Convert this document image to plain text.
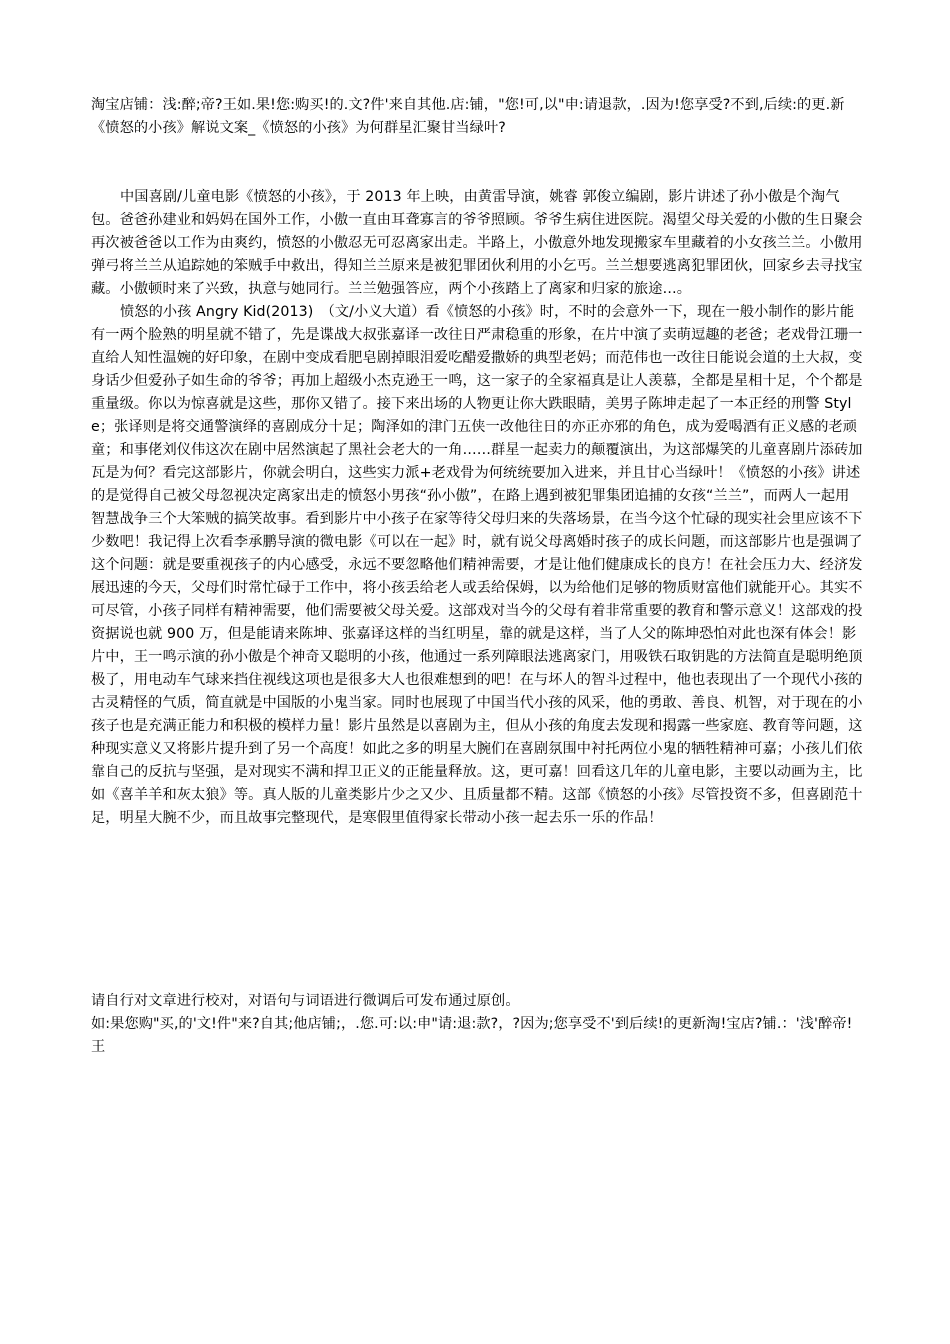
淘宝店铺：浅:醉;帝?王如.果!您:购买!的.文?件'来自其他.店:铺，"您!可,以"申:请退款，.因为!您享受?不到,后续:的更.新《愤怒的小孩》解说文案_《愤怒的小孩》为何群星汇聚甘当绿叶?

中国喜剧/儿童电影《愤怒的小孩》，于 2013 年上映，由黄雷导演，姚睿 郭俊立编剧，影片讲述了孙小傲是个淘气包。爸爸孙建业和妈妈在国外工作，小傲一直由耳聋寡言的爷爷照顾。爷爷生病住进医院。渴望父母关爱的小傲的生日聚会再次被爸爸以工作为由爽约，愤怒的小傲忍无可忍离家出走。半路上，小傲意外地发现搬家车里藏着的小女孩兰兰。小傲用弹弓将兰兰从追踪她的笨贼手中救出，得知兰兰原来是被犯罪团伙利用的小乞丐。兰兰想要逃离犯罪团伙，回家乡去寻找宝藏。小傲顿时来了兴致，执意与她同行。兰兰勉强答应，两个小孩踏上了离家和归家的旅途…。

愤怒的小孩 Angry Kid(2013)　（文/小义大道）看《愤怒的小孩》时，不时的会意外一下，现在一般小制作的影片能有一两个脸熟的明星就不错了，先是谍战大叔张嘉译一改往日严肃稳重的形象，在片中演了卖萌逗趣的老爸；老戏骨江珊一直给人知性温婉的好印象，在剧中变成看肥皂剧掉眼泪爱吃醋爱撒娇的典型老妈；而范伟也一改往日能说会道的土大叔，变身话少但爱孙子如生命的爷爷；再加上超级小杰克逊王一鸣，这一家子的全家福真是让人羡慕，全都是星相十足，个个都是重量级。你以为惊喜就是这些，那你又错了。接下来出场的人物更让你大跌眼睛，美男子陈坤走起了一本正经的刑警 Style；张译则是将交通警演绎的喜剧成分十足；陶泽如的津门五侠一改他往日的亦正亦邪的角色，成为爱喝酒有正义感的老顽童；和事佬刘仪伟这次在剧中居然演起了黑社会老大的一角……群星一起卖力的颠覆演出，为这部爆笑的儿童喜剧片添砖加瓦是为何？看完这部影片，你就会明白，这些实力派+老戏骨为何统统要加入进来，并且甘心当绿叶！《愤怒的小孩》讲述的是觉得自己被父母忽视决定离家出走的愤怒小男孩“孙小傲”，在路上遇到被犯罪集团追捕的女孩“兰兰”，而两人一起用智慧战争三个大笨贼的搞笑故事。看到影片中小孩子在家等待父母归来的失落场景，在当今这个忙碌的现实社会里应该不下少数吧！我记得上次看李承鹏导演的微电影《可以在一起》时，就有说父母离婚时孩子的成长问题，而这部影片也是强调了这个问题：就是要重视孩子的内心感受，永远不要忽略他们精神需要，才是让他们健康成长的良方！在社会压力大、经济发展迅速的今天，父母们时常忙碌于工作中，将小孩丢给老人或丢给保姆，以为给他们足够的物质财富他们就能开心。其实不可尽管，小孩子同样有精神需要，他们需要被父母关爱。这部戏对当今的父母有着非常重要的教育和警示意义！这部戏的投资据说也就 900 万，但是能请来陈坤、张嘉译这样的当红明星，靠的就是这样，当了人父的陈坤恐怕对此也深有体会！影片中，王一鸣示演的孙小傲是个神奇又聪明的小孩，他通过一系列障眼法逃离家门，用吸铁石取钥匙的方法简直是聪明绝顶极了，用电动车气球来挡住视线这项也是很多大人也很难想到的吧！在与坏人的智斗过程中，他也表现出了一个现代小孩的古灵精怪的气质，简直就是中国版的小鬼当家。同时也展现了中国当代小孩的风采，他的勇敢、善良、机智，对于现在的小孩子也是充满正能力和积极的模样力量！影片虽然是以喜剧为主，但从小孩的角度去发现和揭露一些家庭、教育等问题，这种现实意义又将影片提升到了另一个高度！如此之多的明星大腕们在喜剧氛围中衬托两位小鬼的牺牲精神可嘉；小孩儿们依靠自己的反抗与坚强，是对现实不满和捍卫正义的正能量释放。这，更可嘉！回看这几年的儿童电影，主要以动画为主，比如《喜羊羊和灰太狼》等。真人版的儿童类影片少之又少、且质量都不精。这部《愤怒的小孩》尽管投资不多，但喜剧范十足，明星大腕不少，而且故事完整现代，是寒假里值得家长带动小孩一起去乐一乐的作品！

请自行对文章进行校对，对语句与词语进行微调后可发布通过原创。
如:果您购"买,的'文!件"来?自其;他店铺;，.您.可:以:申"请:退:款?，?因为;您享受不'到后续!的更新淘!宝店?铺.：'浅'醉帝!王
